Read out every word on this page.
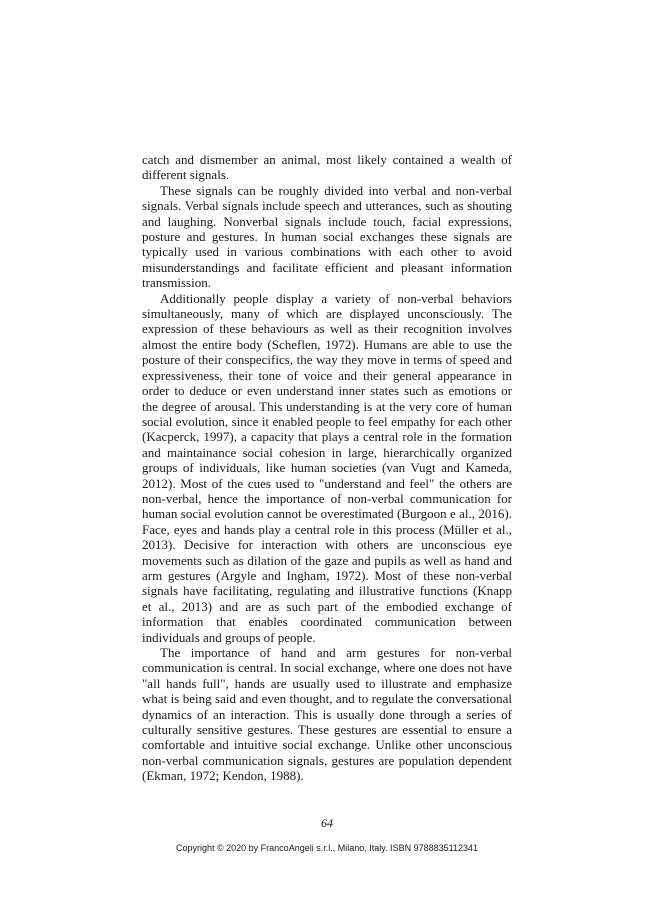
catch and dismember an animal, most likely contained a wealth of different signals.

These signals can be roughly divided into verbal and non-verbal signals. Verbal signals include speech and utterances, such as shouting and laughing. Nonverbal signals include touch, facial expressions, posture and gestures. In human social exchanges these signals are typically used in various combinations with each other to avoid misunderstandings and facilitate efficient and pleasant information transmission.

Additionally people display a variety of non-verbal behaviors simultaneously, many of which are displayed unconsciously. The expression of these behaviours as well as their recognition involves almost the entire body (Scheflen, 1972). Humans are able to use the posture of their conspecifics, the way they move in terms of speed and expressiveness, their tone of voice and their general appearance in order to deduce or even understand inner states such as emotions or the degree of arousal. This understanding is at the very core of human social evolution, since it enabled people to feel empathy for each other (Kacperck, 1997), a capacity that plays a central role in the formation and maintainance social cohesion in large, hierarchically organized groups of individuals, like human societies (van Vugt and Kameda, 2012). Most of the cues used to "understand and feel" the others are non-verbal, hence the importance of non-verbal communication for human social evolution cannot be overestimated (Burgoon e al., 2016). Face, eyes and hands play a central role in this process (Müller et al., 2013). Decisive for interaction with others are unconscious eye movements such as dilation of the gaze and pupils as well as hand and arm gestures (Argyle and Ingham, 1972). Most of these non-verbal signals have facilitating, regulating and illustrative functions (Knapp et al., 2013) and are as such part of the embodied exchange of information that enables coordinated communication between individuals and groups of people.

The importance of hand and arm gestures for non-verbal communication is central. In social exchange, where one does not have "all hands full", hands are usually used to illustrate and emphasize what is being said and even thought, and to regulate the conversational dynamics of an interaction. This is usually done through a series of culturally sensitive gestures. These gestures are essential to ensure a comfortable and intuitive social exchange. Unlike other unconscious non-verbal communication signals, gestures are population dependent (Ekman, 1972; Kendon, 1988).

64
Copyright © 2020 by FrancoAngeli s.r.l., Milano, Italy. ISBN 9788835112341
